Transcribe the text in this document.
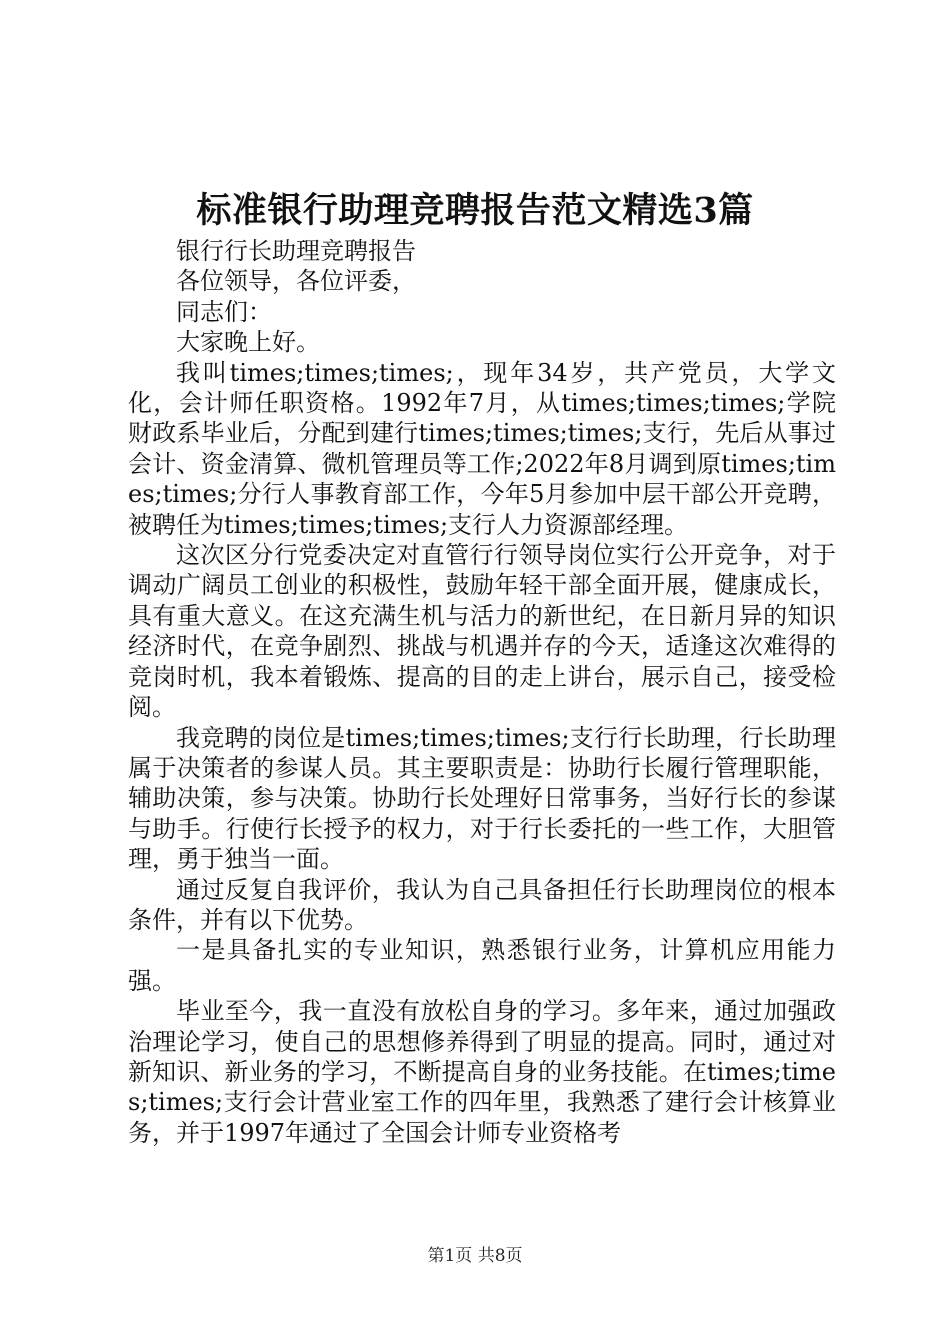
标准银行助理竞聘报告范文精选3篇

银行行长助理竞聘报告

各位领导，各位评委，

同志们：

大家晚上好。

我叫times;times;times;，现年34岁，共产党员，大学文化，会计师任职资格。1992年7月，从times;times;times;学院财政系毕业后，分配到建行times;times;times;支行，先后从事过会计、资金清算、微机管理员等工作;2022年8月调到原times;times;times;分行人事教育部工作，今年5月参加中层干部公开竞聘，被聘任为times;times;times;支行人力资源部经理。

这次区分行党委决定对直管行行领导岗位实行公开竞争，对于调动广阔员工创业的积极性，鼓励年轻干部全面开展，健康成长，具有重大意义。在这充满生机与活力的新世纪，在日新月异的知识经济时代，在竞争剧烈、挑战与机遇并存的今天，适逢这次难得的竞岗时机，我本着锻炼、提高的目的走上讲台，展示自己，接受检阅。

我竞聘的岗位是times;times;times;支行行长助理，行长助理属于决策者的参谋人员。其主要职责是：协助行长履行管理职能，辅助决策，参与决策。协助行长处理好日常事务，当好行长的参谋与助手。行使行长授予的权力，对于行长委托的一些工作，大胆管理，勇于独当一面。

通过反复自我评价，我认为自己具备担任行长助理岗位的根本条件，并有以下优势。

一是具备扎实的专业知识，熟悉银行业务，计算机应用能力强。

毕业至今，我一直没有放松自身的学习。多年来，通过加强政治理论学习，使自己的思想修养得到了明显的提高。同时，通过对新知识、新业务的学习，不断提高自身的业务技能。在times;times;times;支行会计营业室工作的四年里，我熟悉了建行会计核算业务，并于1997年通过了全国会计师专业资格考

第1页 共8页
